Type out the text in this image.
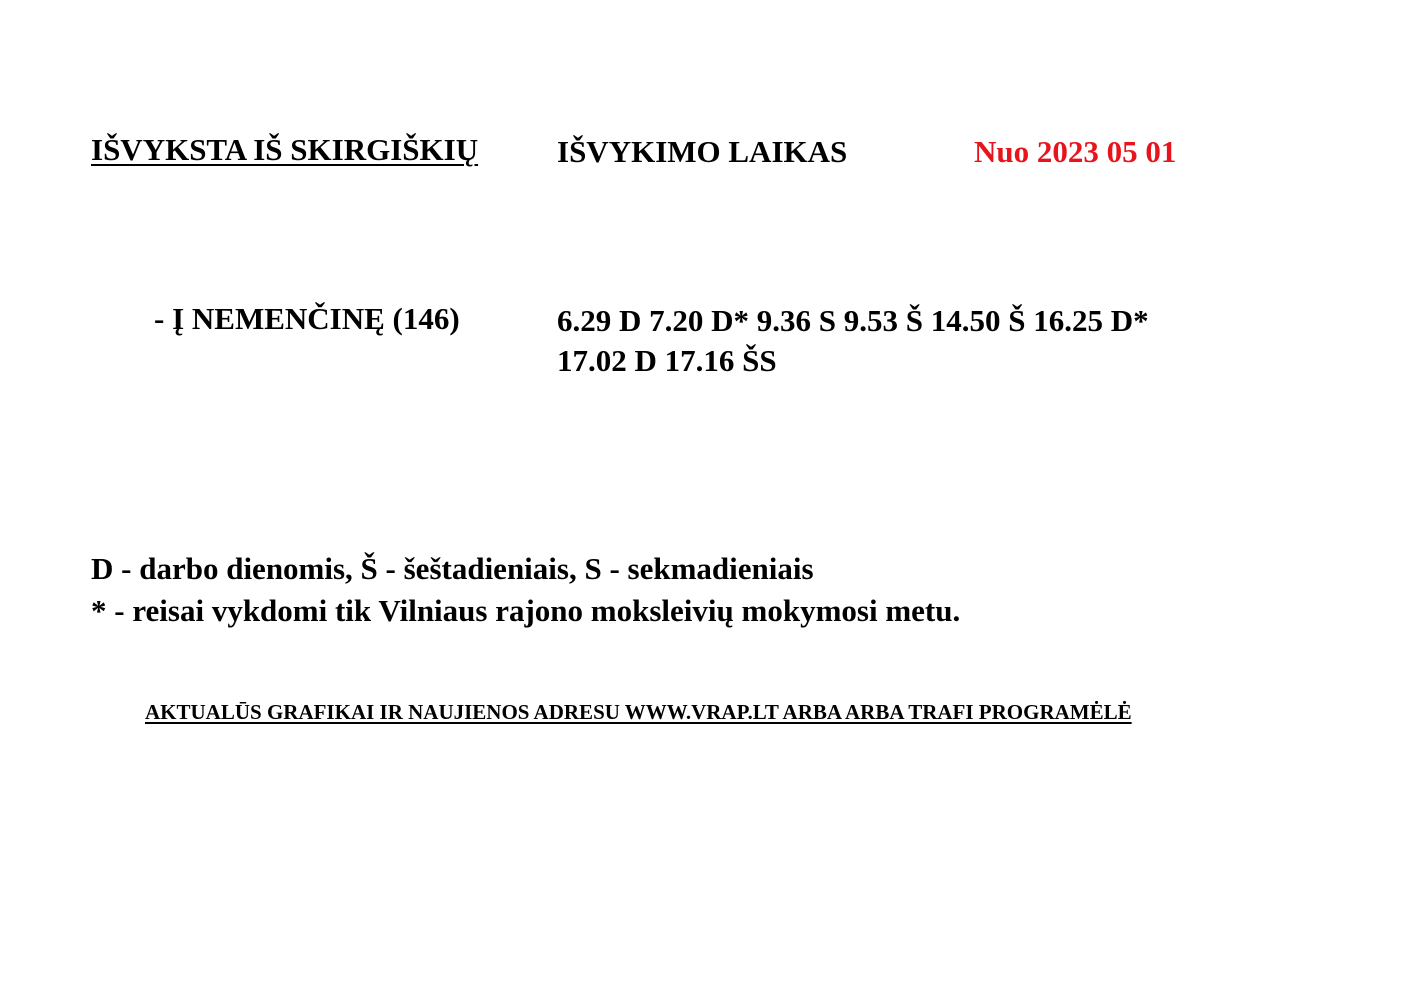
IŠVYKSTA IŠ SKIRGIŠKIŲ	IŠVYKIMO LAIKAS	Nuo 2023 05 01
- Į NEMENČINĘ (146)	6.29 D 7.20 D* 9.36 S 9.53 Š 14.50 Š 16.25 D*
17.02 D 17.16 ŠS
D - darbo dienomis, Š - šeštadieniais, S - sekmadieniais
* - reisai vykdomi tik Vilniaus rajono moksleivių mokymosi metu.
AKTUALŪS GRAFIKAI IR NAUJIENOS ADRESU WWW.VRAP.LT ARBA ARBA TRAFI PROGRAMĖLĖ
